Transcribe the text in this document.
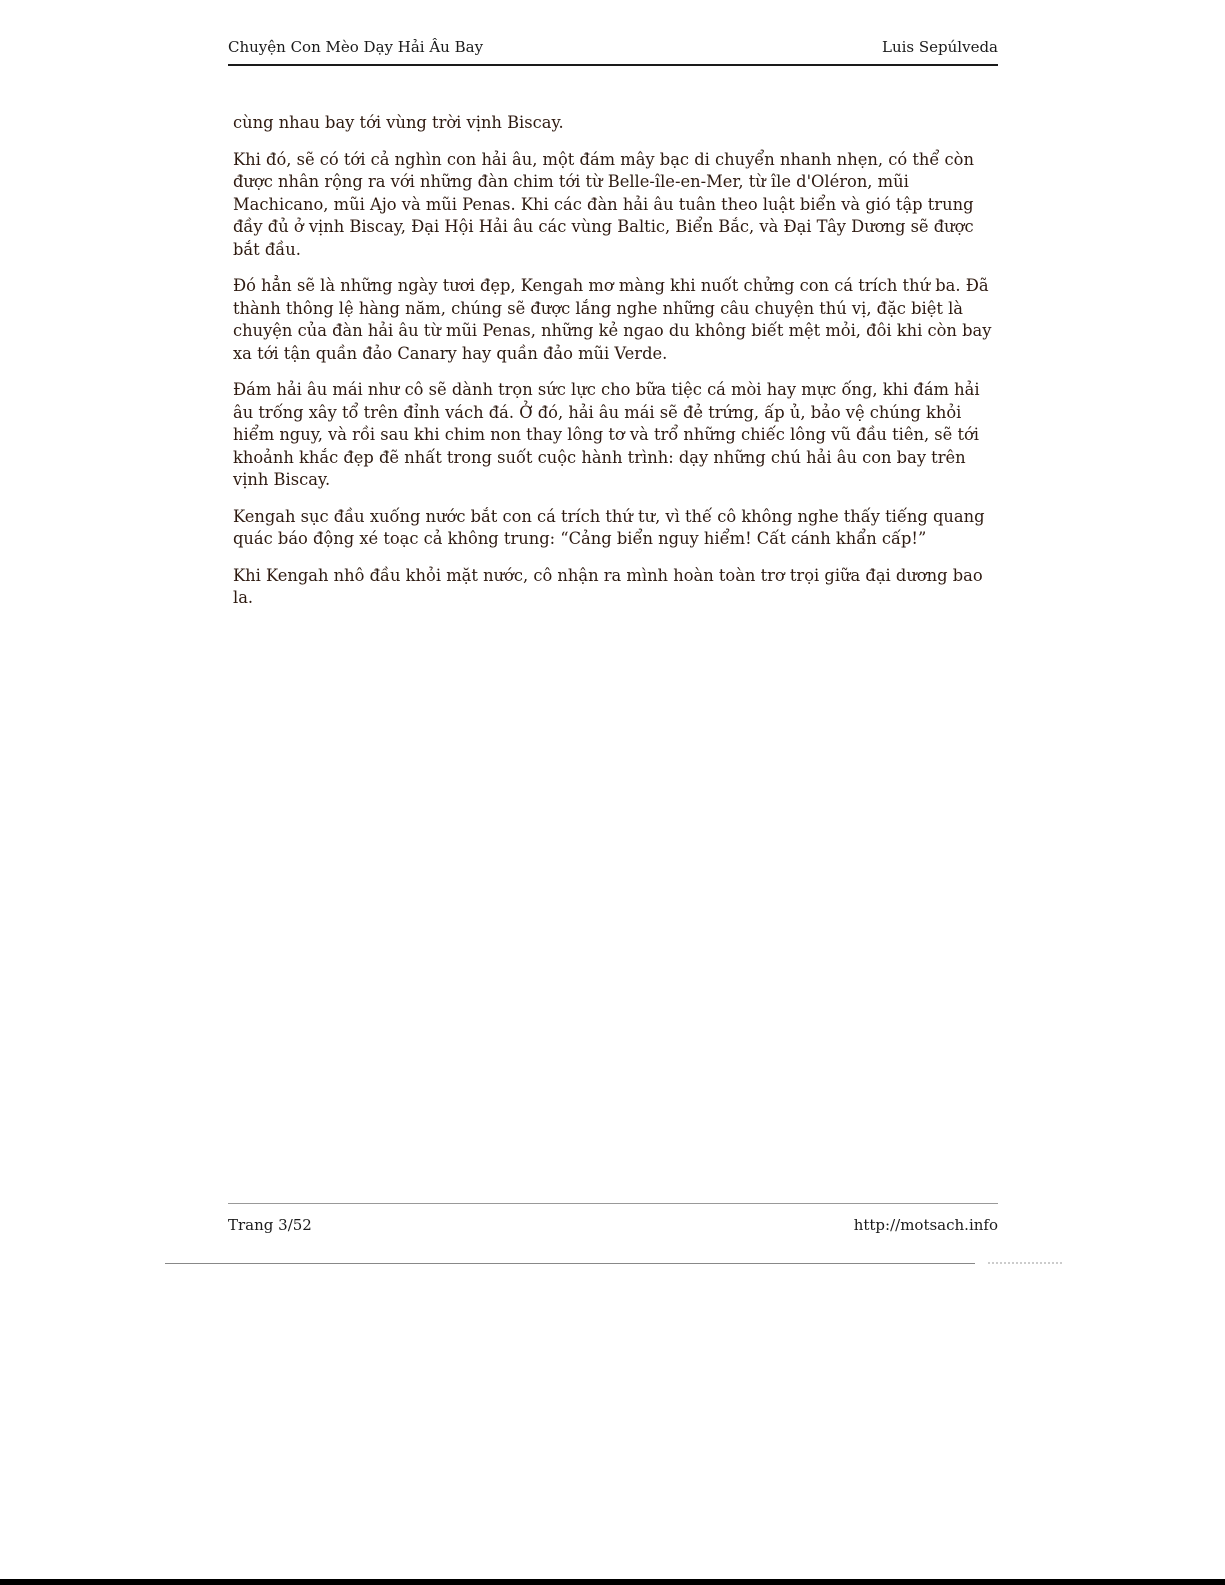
Chuyện Con Mèo Dạy Hải Âu Bay	Luis Sepúlveda

cùng nhau bay tới vùng trời vịnh Biscay.

Khi đó, sẽ có tới cả nghìn con hải âu, một đám mây bạc di chuyển nhanh nhẹn, có thể còn được nhân rộng ra với những đàn chim tới từ Belle-île-en-Mer, từ île d'Oléron, mũi Machicano, mũi Ajo và mũi Penas. Khi các đàn hải âu tuân theo luật biển và gió tập trung đầy đủ ở vịnh Biscay, Đại Hội Hải âu các vùng Baltic, Biển Bắc, và Đại Tây Dương sẽ được bắt đầu.

Đó hẳn sẽ là những ngày tươi đẹp, Kengah mơ màng khi nuốt chửng con cá trích thứ ba. Đã thành thông lệ hàng năm, chúng sẽ được lắng nghe những câu chuyện thú vị, đặc biệt là chuyện của đàn hải âu từ mũi Penas, những kẻ ngao du không biết mệt mỏi, đôi khi còn bay xa tới tận quần đảo Canary hay quần đảo mũi Verde.

Đám hải âu mái như cô sẽ dành trọn sức lực cho bữa tiệc cá mòi hay mực ống, khi đám hải âu trống xây tổ trên đỉnh vách đá. Ở đó, hải âu mái sẽ đẻ trứng, ấp ủ, bảo vệ chúng khỏi hiểm nguy, và rồi sau khi chim non thay lông tơ và trổ những chiếc lông vũ đầu tiên, sẽ tới khoảnh khắc đẹp đẽ nhất trong suốt cuộc hành trình: dạy những chú hải âu con bay trên vịnh Biscay.

Kengah sục đầu xuống nước bắt con cá trích thứ tư, vì thế cô không nghe thấy tiếng quang quác báo động xé toạc cả không trung: “Cảng biển nguy hiểm! Cất cánh khẩn cấp!”

Khi Kengah nhô đầu khỏi mặt nước, cô nhận ra mình hoàn toàn trơ trọi giữa đại dương bao la.

Trang 3/52	http://motsach.info
